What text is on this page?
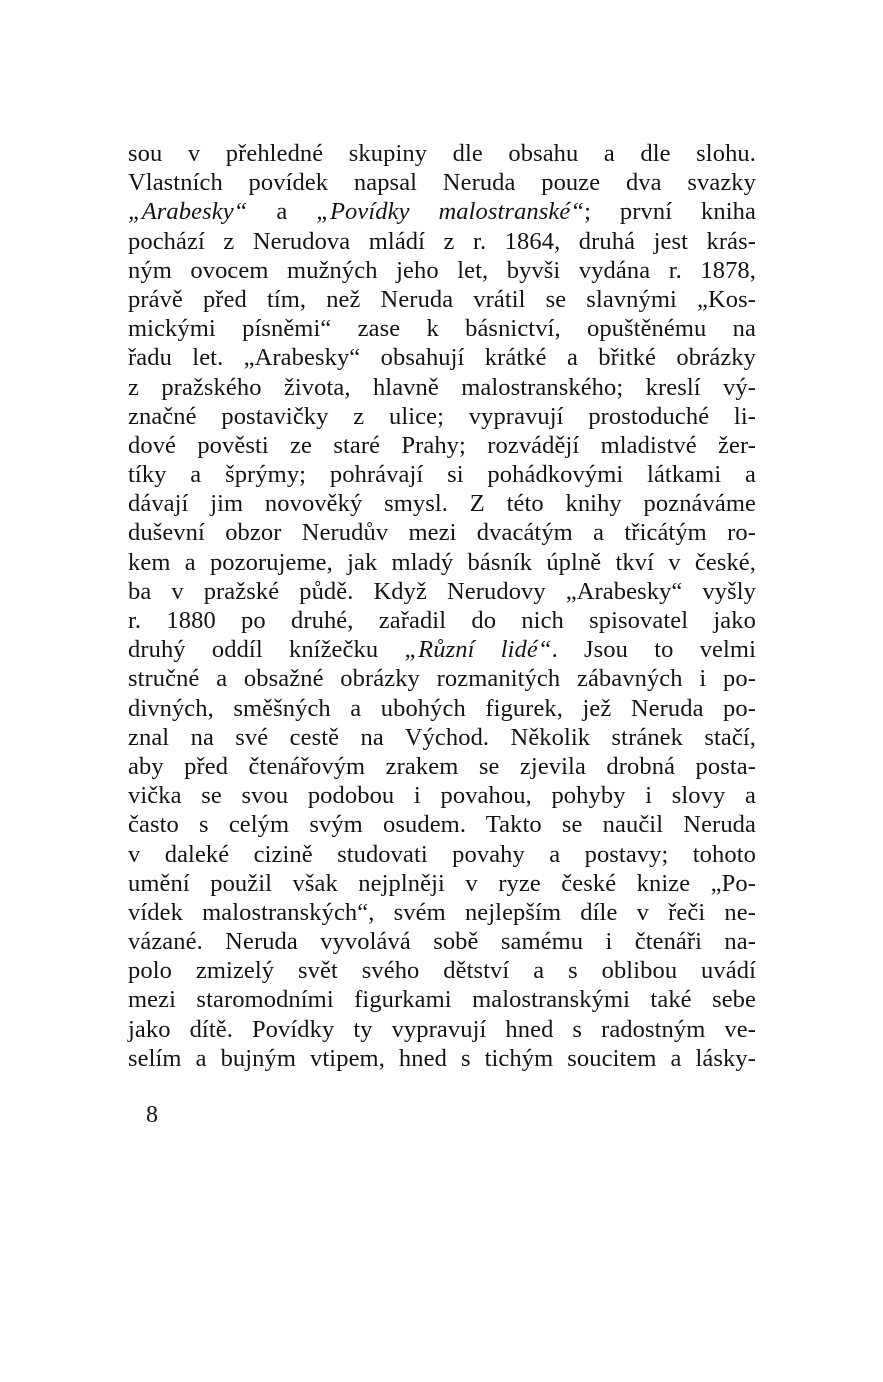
sou v přehledné skupiny dle obsahu a dle slohu.
Vlastních povídek napsal Neruda pouze dva svazky
„Arabesky“ a „Povídky malostranské“; první kniha
pochází z Nerudova mládí z r. 1864, druhá jest krás-
ným ovocem mužných jeho let, byvši vydána r. 1878,
právě před tím, než Neruda vrátil se slavnými „Kos-
mickými písněmi“ zase k básnictví, opuštěnému na
řadu let. „Arabesky“ obsahují krátké a břitké obrázky
z pražského života, hlavně malostranského; kreslí vý-
značné postavičky z ulice; vypravují prostoduché li-
dové pověsti ze staré Prahy; rozvádějí mladistvé žer-
tíky a šprýmy; pohrávají si pohádkovými látkami a
dávají jim novověký smysl. Z této knihy poznáváme
duševní obzor Nerudův mezi dvacátým a třicátým ro-
kem a pozorujeme, jak mladý básník úplně tkví v české,
ba v pražské půdě. Když Nerudovy „Arabesky“ vyšly
r. 1880 po druhé, zařadil do nich spisovatel jako
druhý oddíl knížečku „Různí lidé“. Jsou to velmi
stručné a obsažné obrázky rozmanitých zábavných i po-
divných, směšných a ubohých figurek, jež Neruda po-
znal na své cestě na Východ. Několik stránek stačí,
aby před čtenářovým zrakem se zjevila drobná posta-
vička se svou podobou i povahou, pohyby i slovy a
často s celým svým osudem. Takto se naučil Neruda
v daleké cizině studovati povahy a postavy; tohoto
umění použil však nejplněji v ryze české knize „Po-
vídek malostranských“, svém nejlepším díle v řeči ne-
vázané. Neruda vyvolává sobě samému i čtenáři na-
polo zmizelý svět svého dětství a s oblibou uvádí
mezi staromodními figurkami malostranskými také sebe
jako dítě. Povídky ty vypravují hned s radostným ve-
selím a bujným vtipem, hned s tichým soucitem a lásky-
8
